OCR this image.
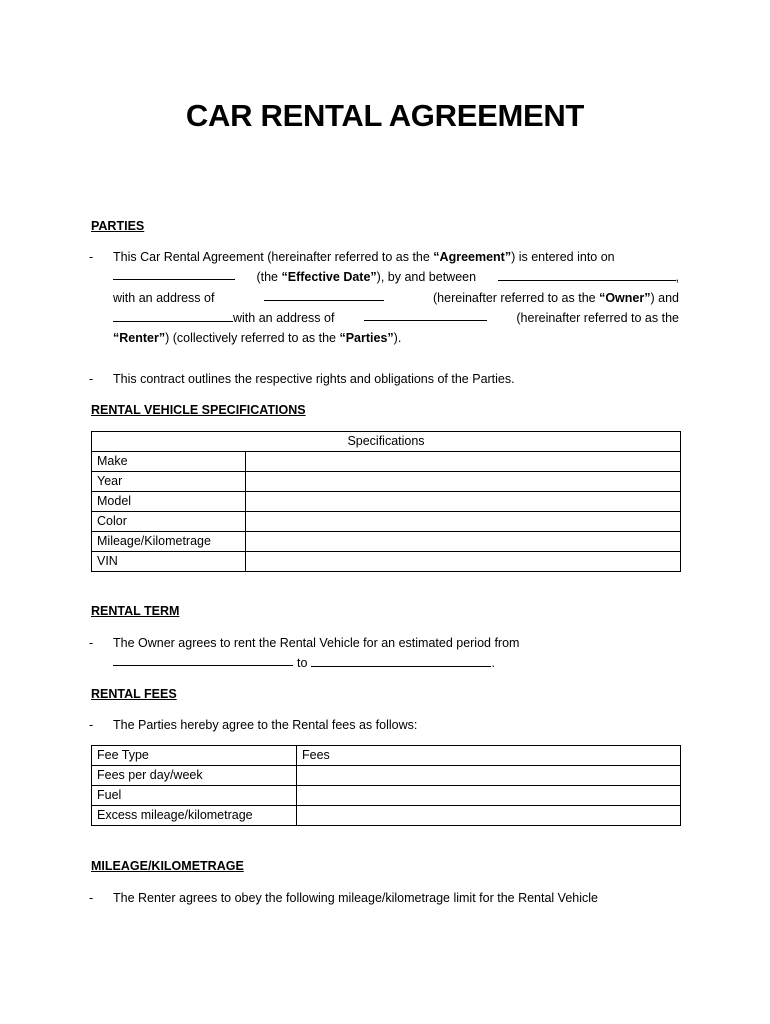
CAR RENTAL AGREEMENT
PARTIES
- This Car Rental Agreement (hereinafter referred to as the “Agreement”) is entered into on
(the “Effective Date”), by and between	,
with an address of	(hereinafter referred to as the “Owner”) and
with an address of	(hereinafter referred to as the
“Renter”) (collectively referred to as the “Parties”).
- This contract outlines the respective rights and obligations of the Parties.
RENTAL VEHICLE SPECIFICATIONS
Specifications	
Make	
Year	
Model	
Color	
Mileage/Kilometrage	
VIN	
RENTAL TERM
- The Owner agrees to rent the Rental Vehicle for an estimated period from
to	.
RENTAL FEES
- The Parties hereby agree to the Rental fees as follows:
Fee Type	Fees
Fees per day/week	
Fuel	
Excess mileage/kilometrage	
MILEAGE/KILOMETRAGE
- The Renter agrees to obey the following mileage/kilometrage limit for the Rental Vehicle
